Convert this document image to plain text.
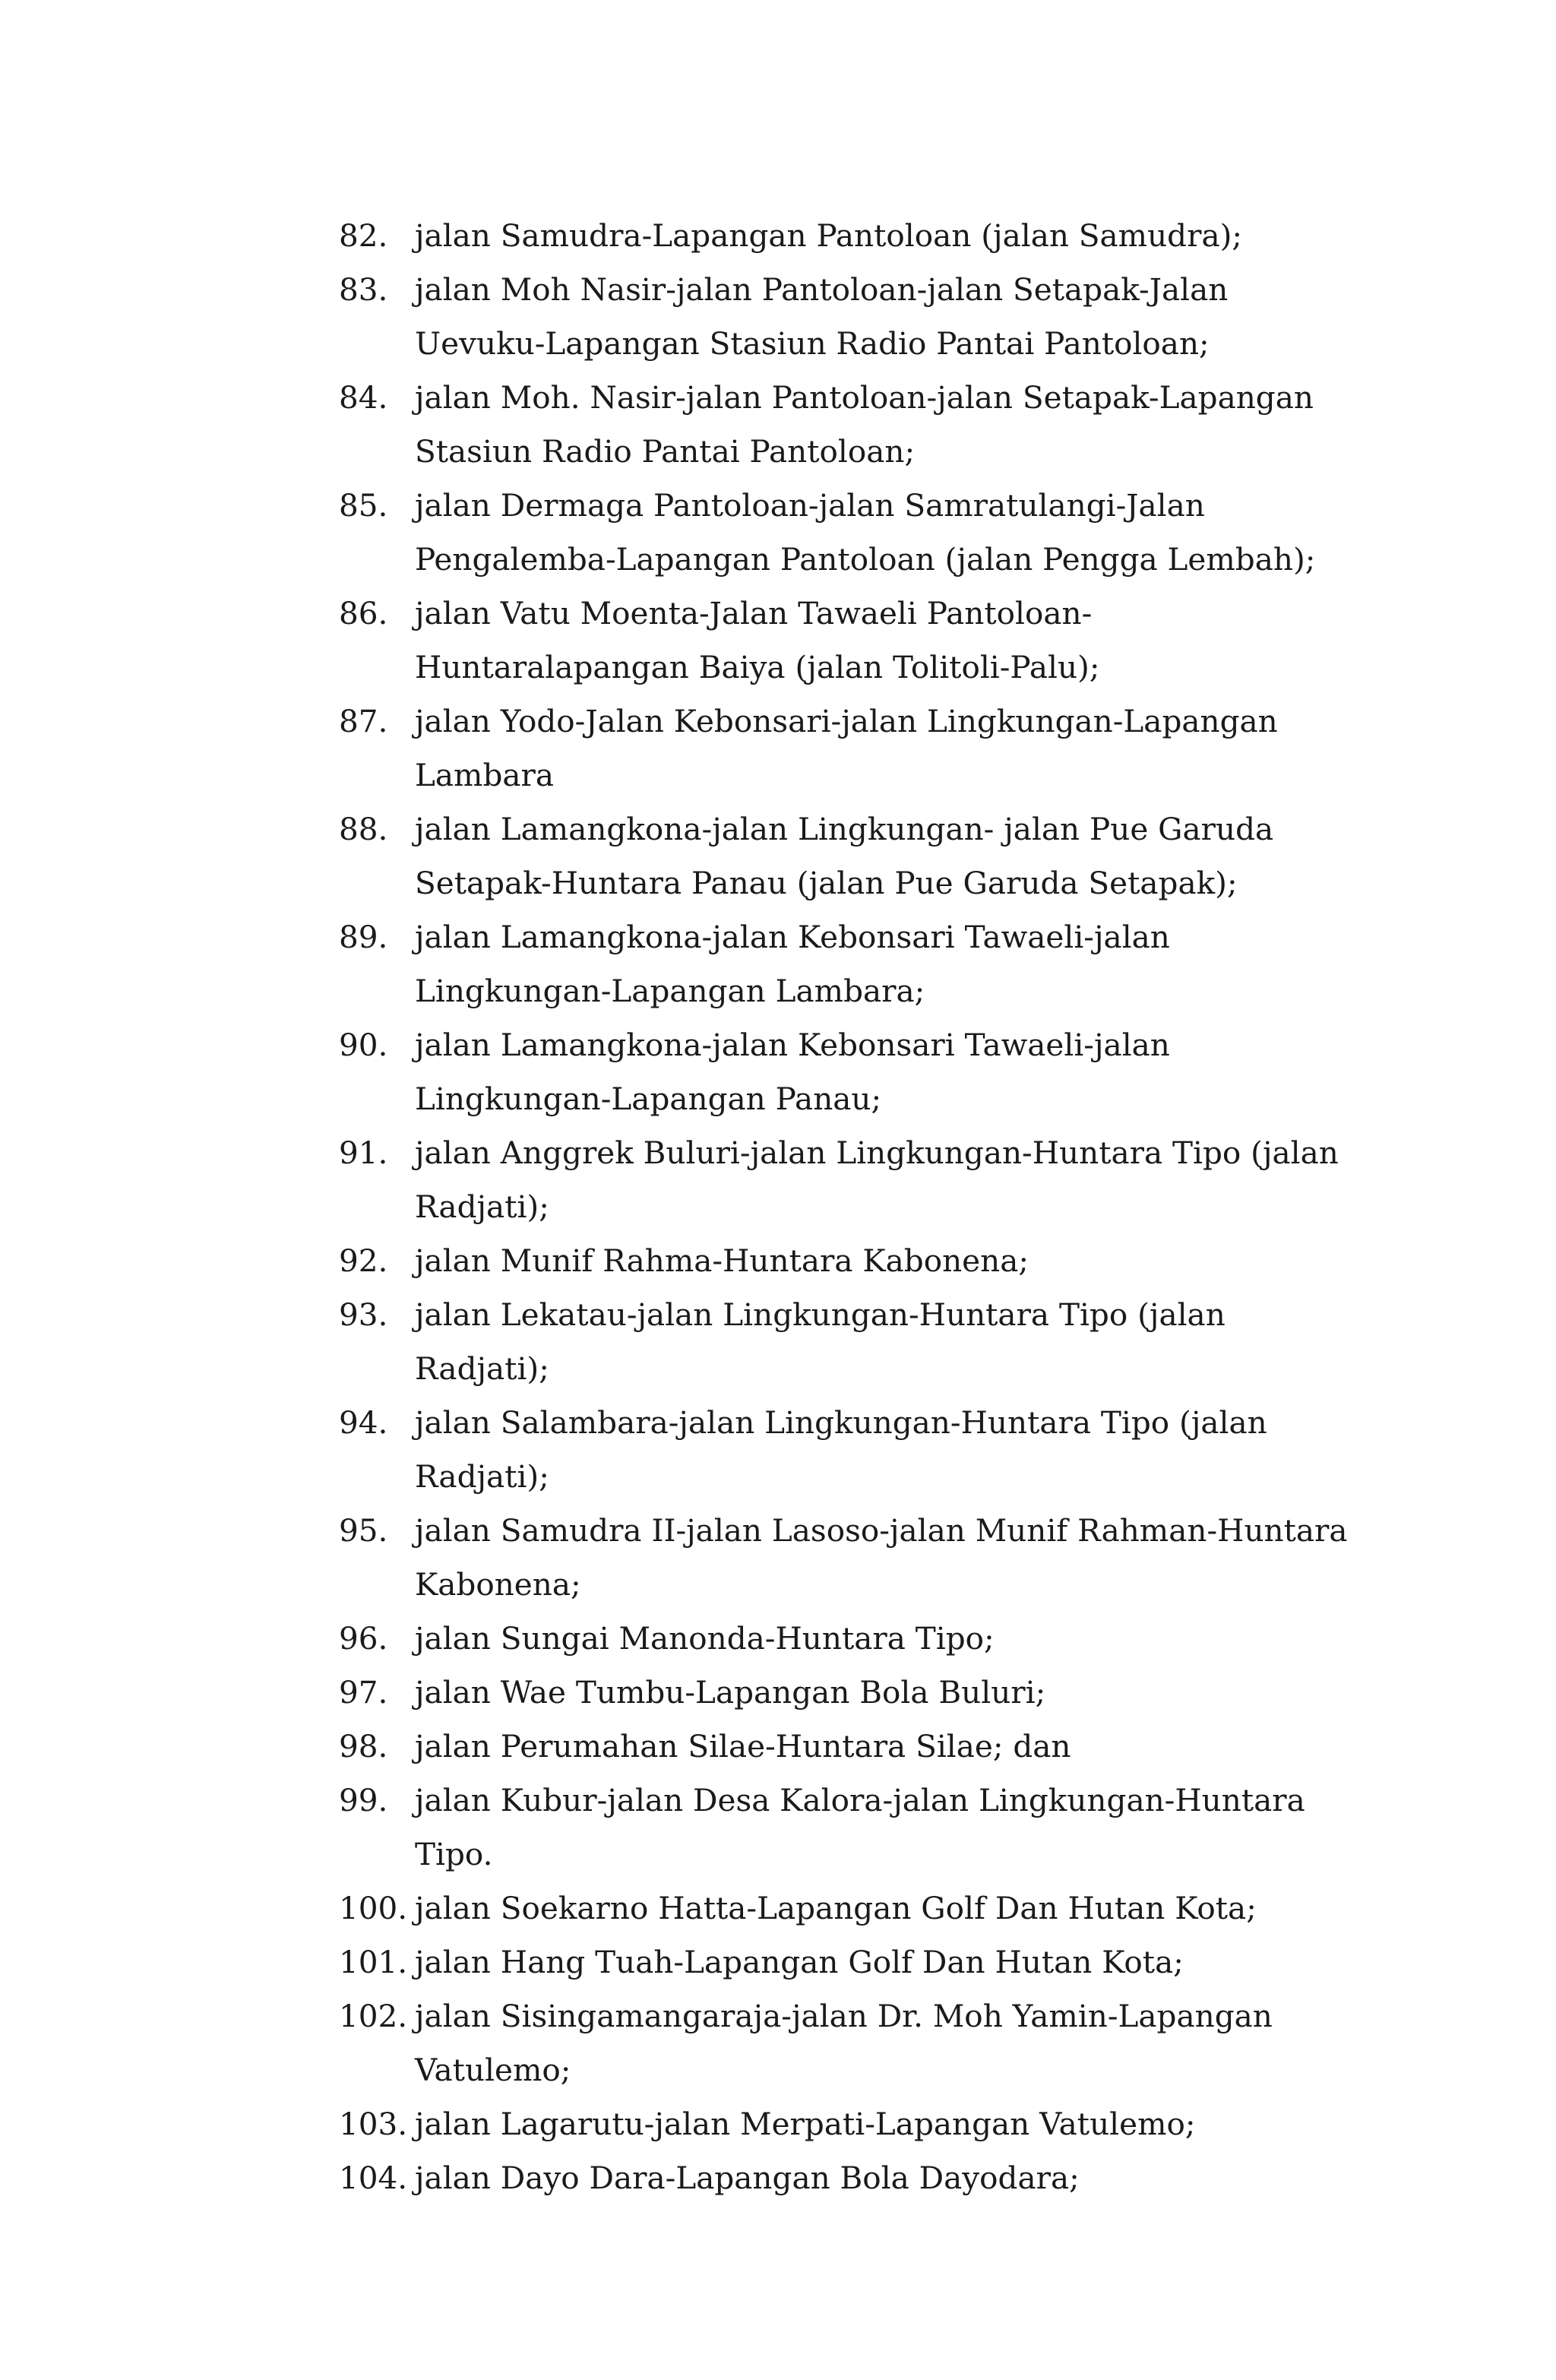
82. jalan Samudra-Lapangan Pantoloan (jalan Samudra);
83. jalan Moh Nasir-jalan Pantoloan-jalan Setapak-Jalan Uevuku-Lapangan Stasiun Radio Pantai Pantoloan;
84. jalan Moh. Nasir-jalan Pantoloan-jalan Setapak-Lapangan Stasiun Radio Pantai Pantoloan;
85. jalan Dermaga Pantoloan-jalan Samratulangi-Jalan Pengalemba-Lapangan Pantoloan (jalan Pengga Lembah);
86. jalan Vatu Moenta-Jalan Tawaeli Pantoloan-Huntaralapangan Baiya (jalan Tolitoli-Palu);
87. jalan Yodo-Jalan Kebonsari-jalan Lingkungan-Lapangan Lambara
88. jalan Lamangkona-jalan Lingkungan- jalan Pue Garuda Setapak-Huntara Panau (jalan Pue Garuda Setapak);
89. jalan Lamangkona-jalan Kebonsari Tawaeli-jalan Lingkungan-Lapangan Lambara;
90. jalan Lamangkona-jalan Kebonsari Tawaeli-jalan Lingkungan-Lapangan Panau;
91. jalan Anggrek Buluri-jalan Lingkungan-Huntara Tipo (jalan Radjati);
92. jalan Munif Rahma-Huntara Kabonena;
93. jalan Lekatau-jalan Lingkungan-Huntara Tipo (jalan Radjati);
94. jalan Salambara-jalan Lingkungan-Huntara Tipo (jalan Radjati);
95. jalan Samudra II-jalan Lasoso-jalan Munif Rahman-Huntara Kabonena;
96. jalan Sungai Manonda-Huntara Tipo;
97. jalan Wae Tumbu-Lapangan Bola Buluri;
98. jalan Perumahan Silae-Huntara Silae; dan
99. jalan Kubur-jalan Desa Kalora-jalan Lingkungan-Huntara Tipo.
100. jalan Soekarno Hatta-Lapangan Golf Dan Hutan Kota;
101. jalan Hang Tuah-Lapangan Golf Dan Hutan Kota;
102. jalan Sisingamangaraja-jalan Dr. Moh Yamin-Lapangan Vatulemo;
103. jalan Lagarutu-jalan Merpati-Lapangan Vatulemo;
104. jalan Dayo Dara-Lapangan Bola Dayodara;
